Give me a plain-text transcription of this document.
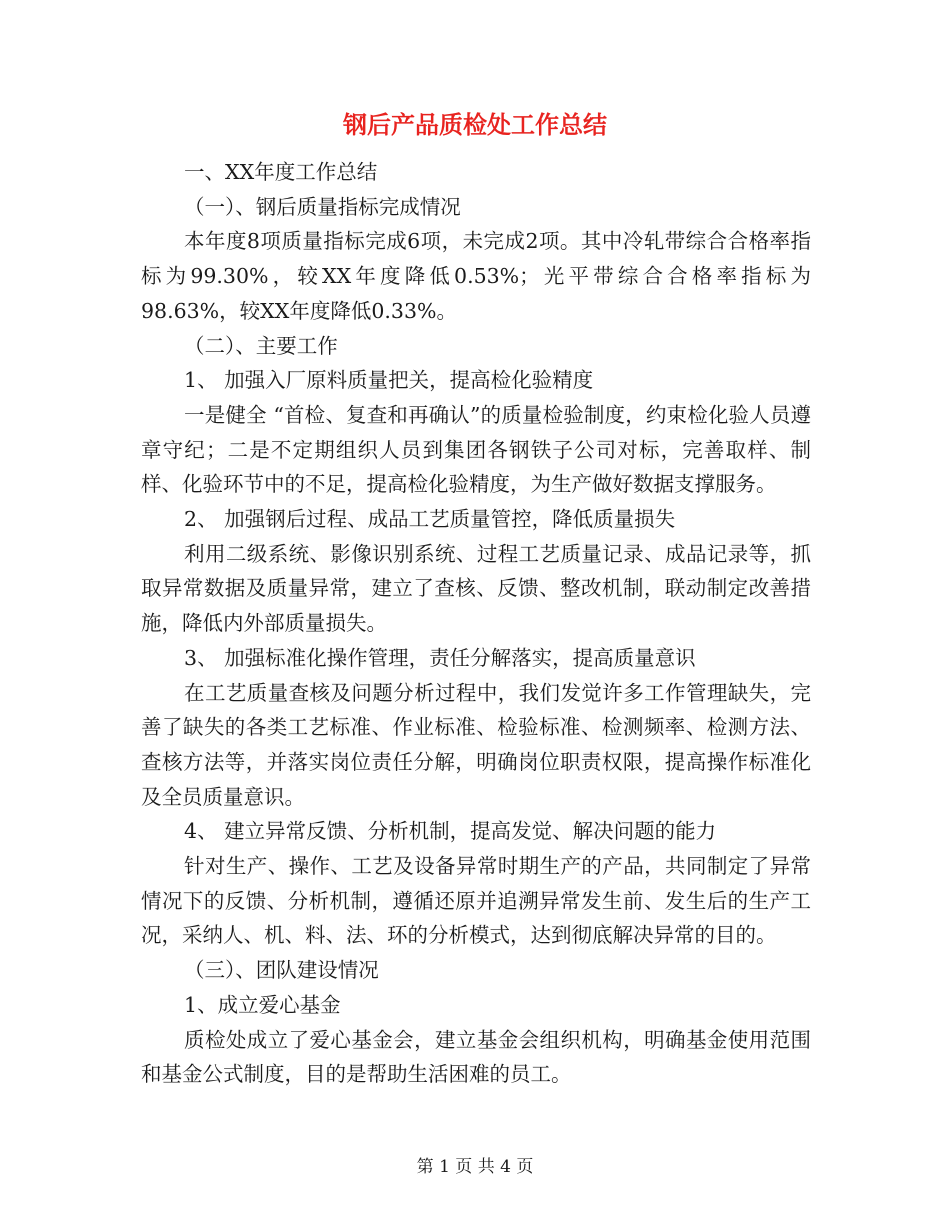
钢后产品质检处工作总结

一、XX年度工作总结

（一）、钢后质量指标完成情况

本年度8项质量指标完成6项，未完成2项。其中冷轧带综合合格率指标为99.30%，较XX年度降低0.53%；光平带综合合格率指标为98.63%，较XX年度降低0.33%。

（二）、主要工作

1、 加强入厂原料质量把关，提高检化验精度

一是健全 “首检、复查和再确认”的质量检验制度，约束检化验人员遵章守纪；二是不定期组织人员到集团各钢铁子公司对标，完善取样、制样、化验环节中的不足，提高检化验精度，为生产做好数据支撑服务。

2、 加强钢后过程、成品工艺质量管控，降低质量损失

利用二级系统、影像识别系统、过程工艺质量记录、成品记录等，抓取异常数据及质量异常，建立了查核、反馈、整改机制，联动制定改善措施，降低内外部质量损失。

3、 加强标准化操作管理，责任分解落实，提高质量意识

在工艺质量查核及问题分析过程中，我们发觉许多工作管理缺失，完善了缺失的各类工艺标准、作业标准、检验标准、检测频率、检测方法、查核方法等，并落实岗位责任分解，明确岗位职责权限，提高操作标准化及全员质量意识。

4、 建立异常反馈、分析机制，提高发觉、解决问题的能力

针对生产、操作、工艺及设备异常时期生产的产品，共同制定了异常情况下的反馈、分析机制，遵循还原并追溯异常发生前、发生后的生产工况，采纳人、机、料、法、环的分析模式，达到彻底解决异常的目的。

（三）、团队建设情况

1、成立爱心基金

质检处成立了爱心基金会，建立基金会组织机构，明确基金使用范围和基金公式制度，目的是帮助生活困难的员工。

第 1 页 共 4 页
